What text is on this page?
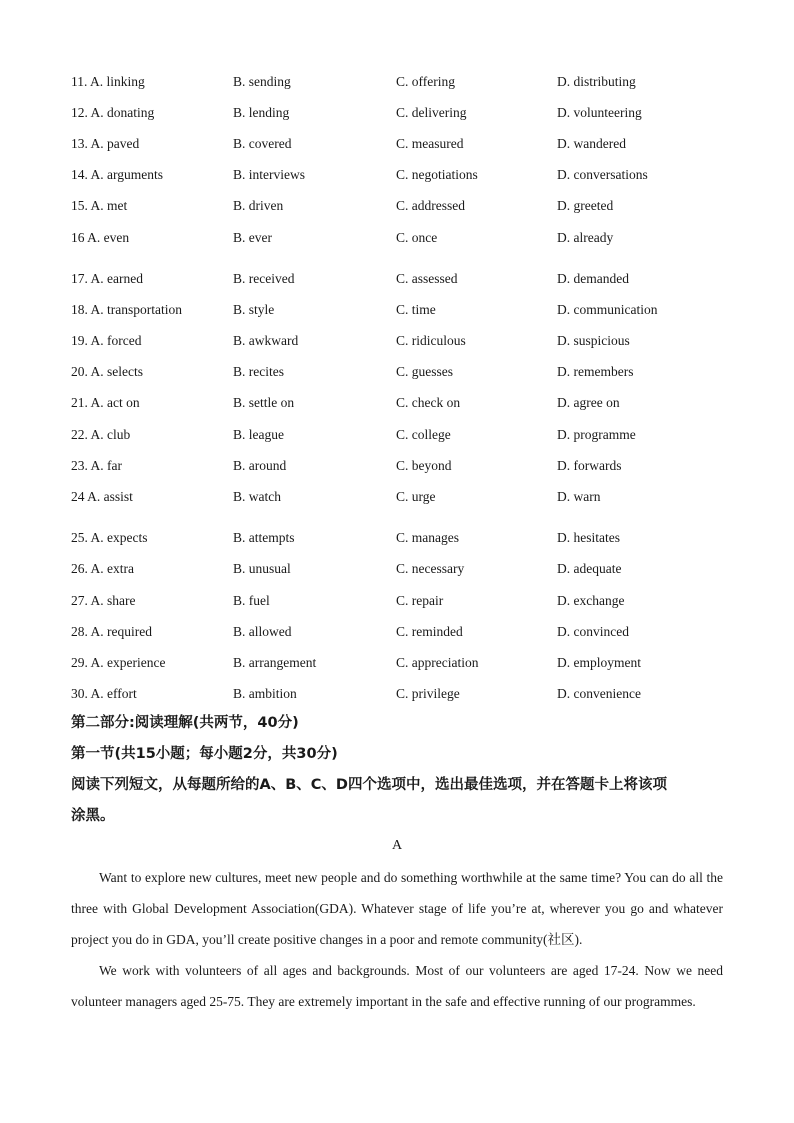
11. A. linking	B. sending	C. offering	D. distributing
12. A. donating	B. lending	C. delivering	D. volunteering
13. A. paved	B. covered	C. measured	D. wandered
14. A. arguments	B. interviews	C. negotiations	D. conversations
15. A. met	B. driven	C. addressed	D. greeted
16 A. even	B. ever	C. once	D. already
17. A. earned	B. received	C. assessed	D. demanded
18. A. transportation	B. style	C. time	D. communication
19. A. forced	B. awkward	C. ridiculous	D. suspicious
20. A. selects	B. recites	C. guesses	D. remembers
21. A. act on	B. settle on	C. check on	D. agree on
22. A. club	B. league	C. college	D. programme
23. A. far	B. around	C. beyond	D. forwards
24 A. assist	B. watch	C. urge	D. warn
25. A. expects	B. attempts	C. manages	D. hesitates
26. A. extra	B. unusual	C. necessary	D. adequate
27. A. share	B. fuel	C. repair	D. exchange
28. A. required	B. allowed	C. reminded	D. convinced
29. A. experience	B. arrangement	C. appreciation	D. employment
30. A. effort	B. ambition	C. privilege	D. convenience
第二部分:阅读理解(共两节，40分)
第一节(共15小题；每小题2分，共30分)
阅读下列短文，从每题所给的A、B、C、D四个选项中，选出最佳选项，并在答题卡上将该项
涂黑。
A
Want to explore new cultures, meet new people and do something worthwhile at the same time? You can do all the three with Global Development Association(GDA). Whatever stage of life you’re at, wherever you go and whatever project you do in GDA, you’ll create positive changes in a poor and remote community(社区).
We work with volunteers of all ages and backgrounds. Most of our volunteers are aged 17-24. Now we need volunteer managers aged 25-75. They are extremely important in the safe and effective running of our programmes.
